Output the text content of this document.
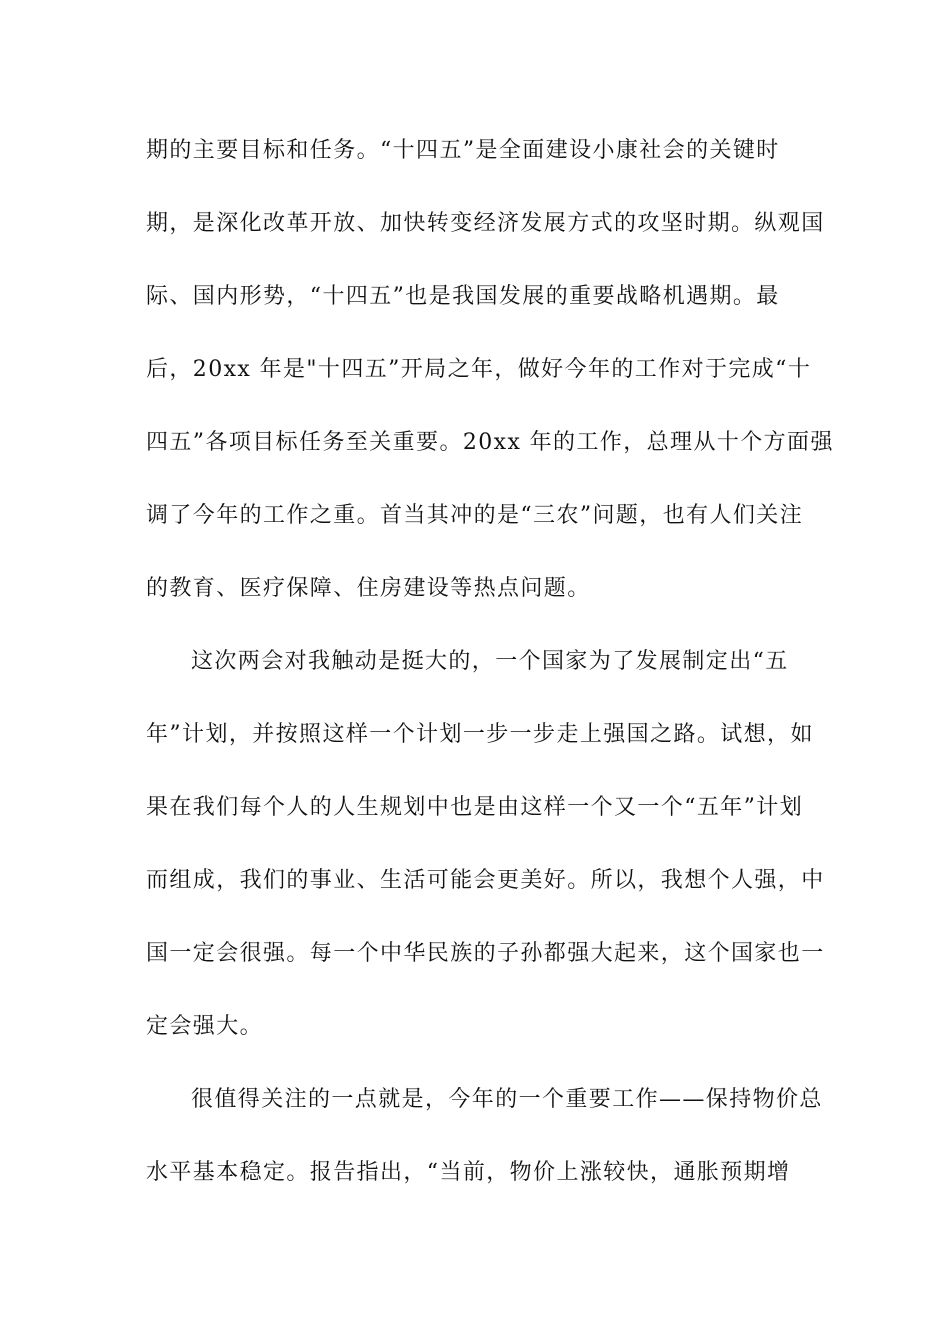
期的主要目标和任务。“十四五”是全面建设小康社会的关键时
期，是深化改革开放、加快转变经济发展方式的攻坚时期。纵观国
际、国内形势，“十四五”也是我国发展的重要战略机遇期。最
后，20xx 年是"十四五”开局之年，做好今年的工作对于完成“十
四五”各项目标任务至关重要。20xx 年的工作，总理从十个方面强
调了今年的工作之重。首当其冲的是“三农”问题，也有人们关注
的教育、医疗保障、住房建设等热点问题。
这次两会对我触动是挺大的，一个国家为了发展制定出“五
年”计划，并按照这样一个计划一步一步走上强国之路。试想，如
果在我们每个人的人生规划中也是由这样一个又一个“五年”计划
而组成，我们的事业、生活可能会更美好。所以，我想个人强，中
国一定会很强。每一个中华民族的子孙都强大起来，这个国家也一
定会强大。
很值得关注的一点就是，今年的一个重要工作——保持物价总
水平基本稳定。报告指出，“当前，物价上涨较快，通胀预期增
